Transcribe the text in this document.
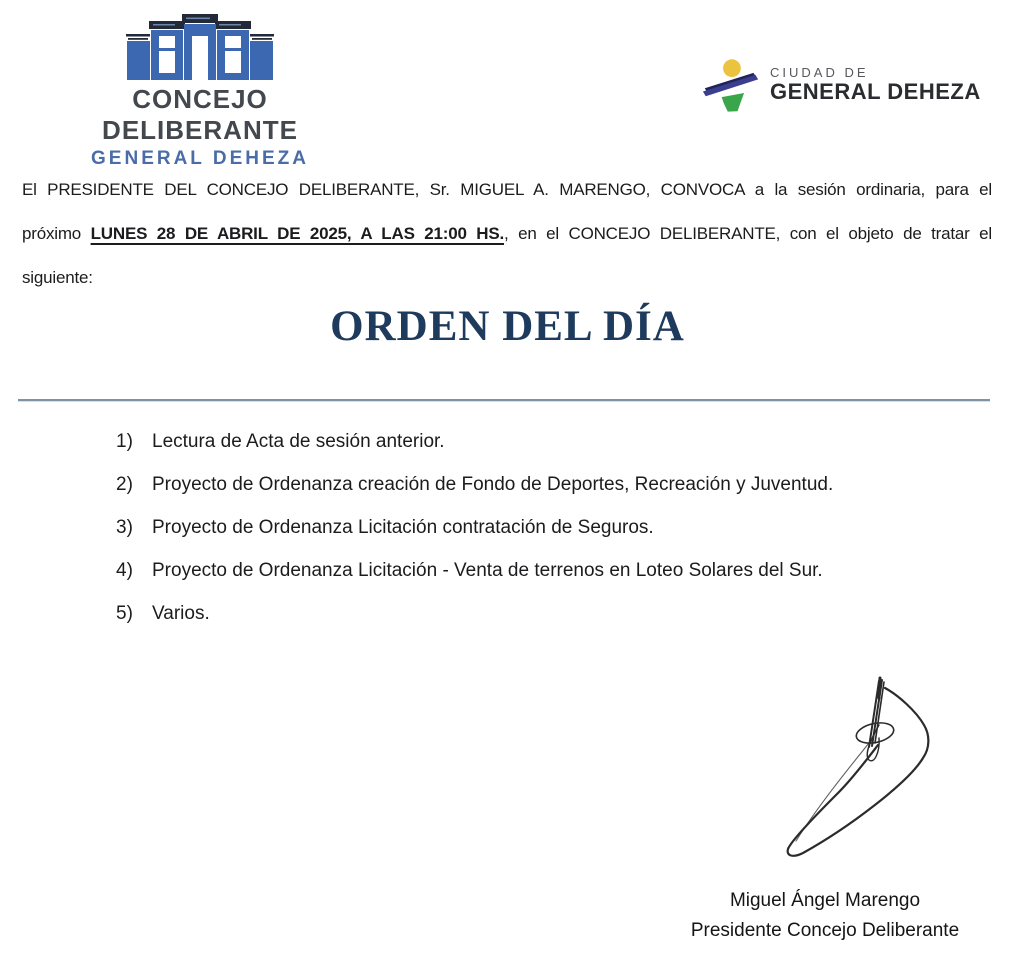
CONCEJO DELIBERANTE
GENERAL DEHEZA
CIUDAD DE
GENERAL DEHEZA
El PRESIDENTE DEL CONCEJO DELIBERANTE, Sr. MIGUEL A. MARENGO, CONVOCA a la sesión ordinaria, para el
próximo LUNES 28 DE ABRIL DE 2025, A LAS 21:00 HS., en el CONCEJO DELIBERANTE, con el objeto de tratar el
siguiente:
ORDEN DEL DÍA
1)	Lectura de Acta de sesión anterior.
2)	Proyecto de Ordenanza creación de Fondo de Deportes, Recreación y Juventud.
3)	Proyecto de Ordenanza Licitación contratación de Seguros.
4)	Proyecto de Ordenanza Licitación - Venta de terrenos en Loteo Solares del Sur.
5)	Varios.
Miguel Ángel Marengo
Presidente Concejo Deliberante
